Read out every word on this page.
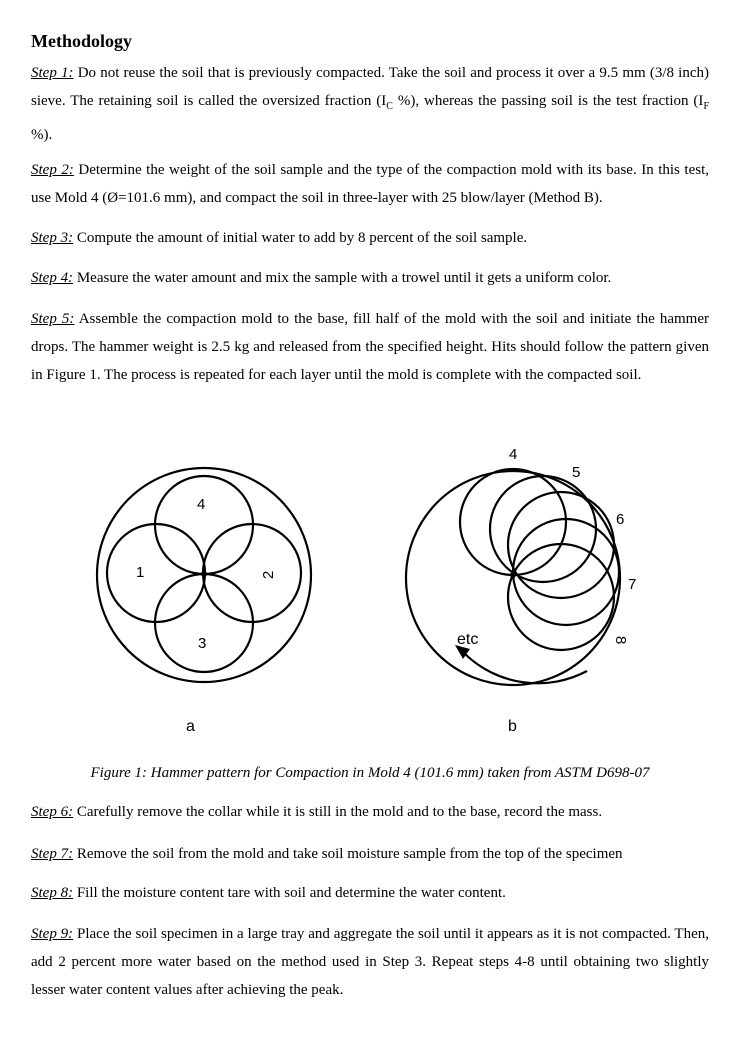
Methodology
Step 1: Do not reuse the soil that is previously compacted. Take the soil and process it over a 9.5 mm (3/8 inch) sieve. The retaining soil is called the oversized fraction ($I_C$ %), whereas the passing soil is the test fraction ($I_F$ %).
Step 2: Determine the weight of the soil sample and the type of the compaction mold with its base. In this test, use Mold 4 (Ø=101.6 mm), and compact the soil in three-layer with 25 blow/layer (Method B).
Step 3: Compute the amount of initial water to add by 8 percent of the soil sample.
Step 4: Measure the water amount and mix the sample with a trowel until it gets a uniform color.
Step 5: Assemble the compaction mold to the base, fill half of the mold with the soil and initiate the hammer drops. The hammer weight is 2.5 kg and released from the specified height. Hits should follow the pattern given in Figure 1. The process is repeated for each layer until the mold is complete with the compacted soil.
1	2
3
4
4
5
6
7
8
etc
a	b
Figure 1: Hammer pattern for Compaction in Mold 4 (101.6 mm) taken from ASTM D698-07
Step 6: Carefully remove the collar while it is still in the mold and to the base, record the mass.
Step 7: Remove the soil from the mold and take soil moisture sample from the top of the specimen
Step 8: Fill the moisture content tare with soil and determine the water content.
Step 9: Place the soil specimen in a large tray and aggregate the soil until it appears as it is not compacted. Then, add 2 percent more water based on the method used in Step 3. Repeat steps 4-8 until obtaining two slightly lesser water content values after achieving the peak.
